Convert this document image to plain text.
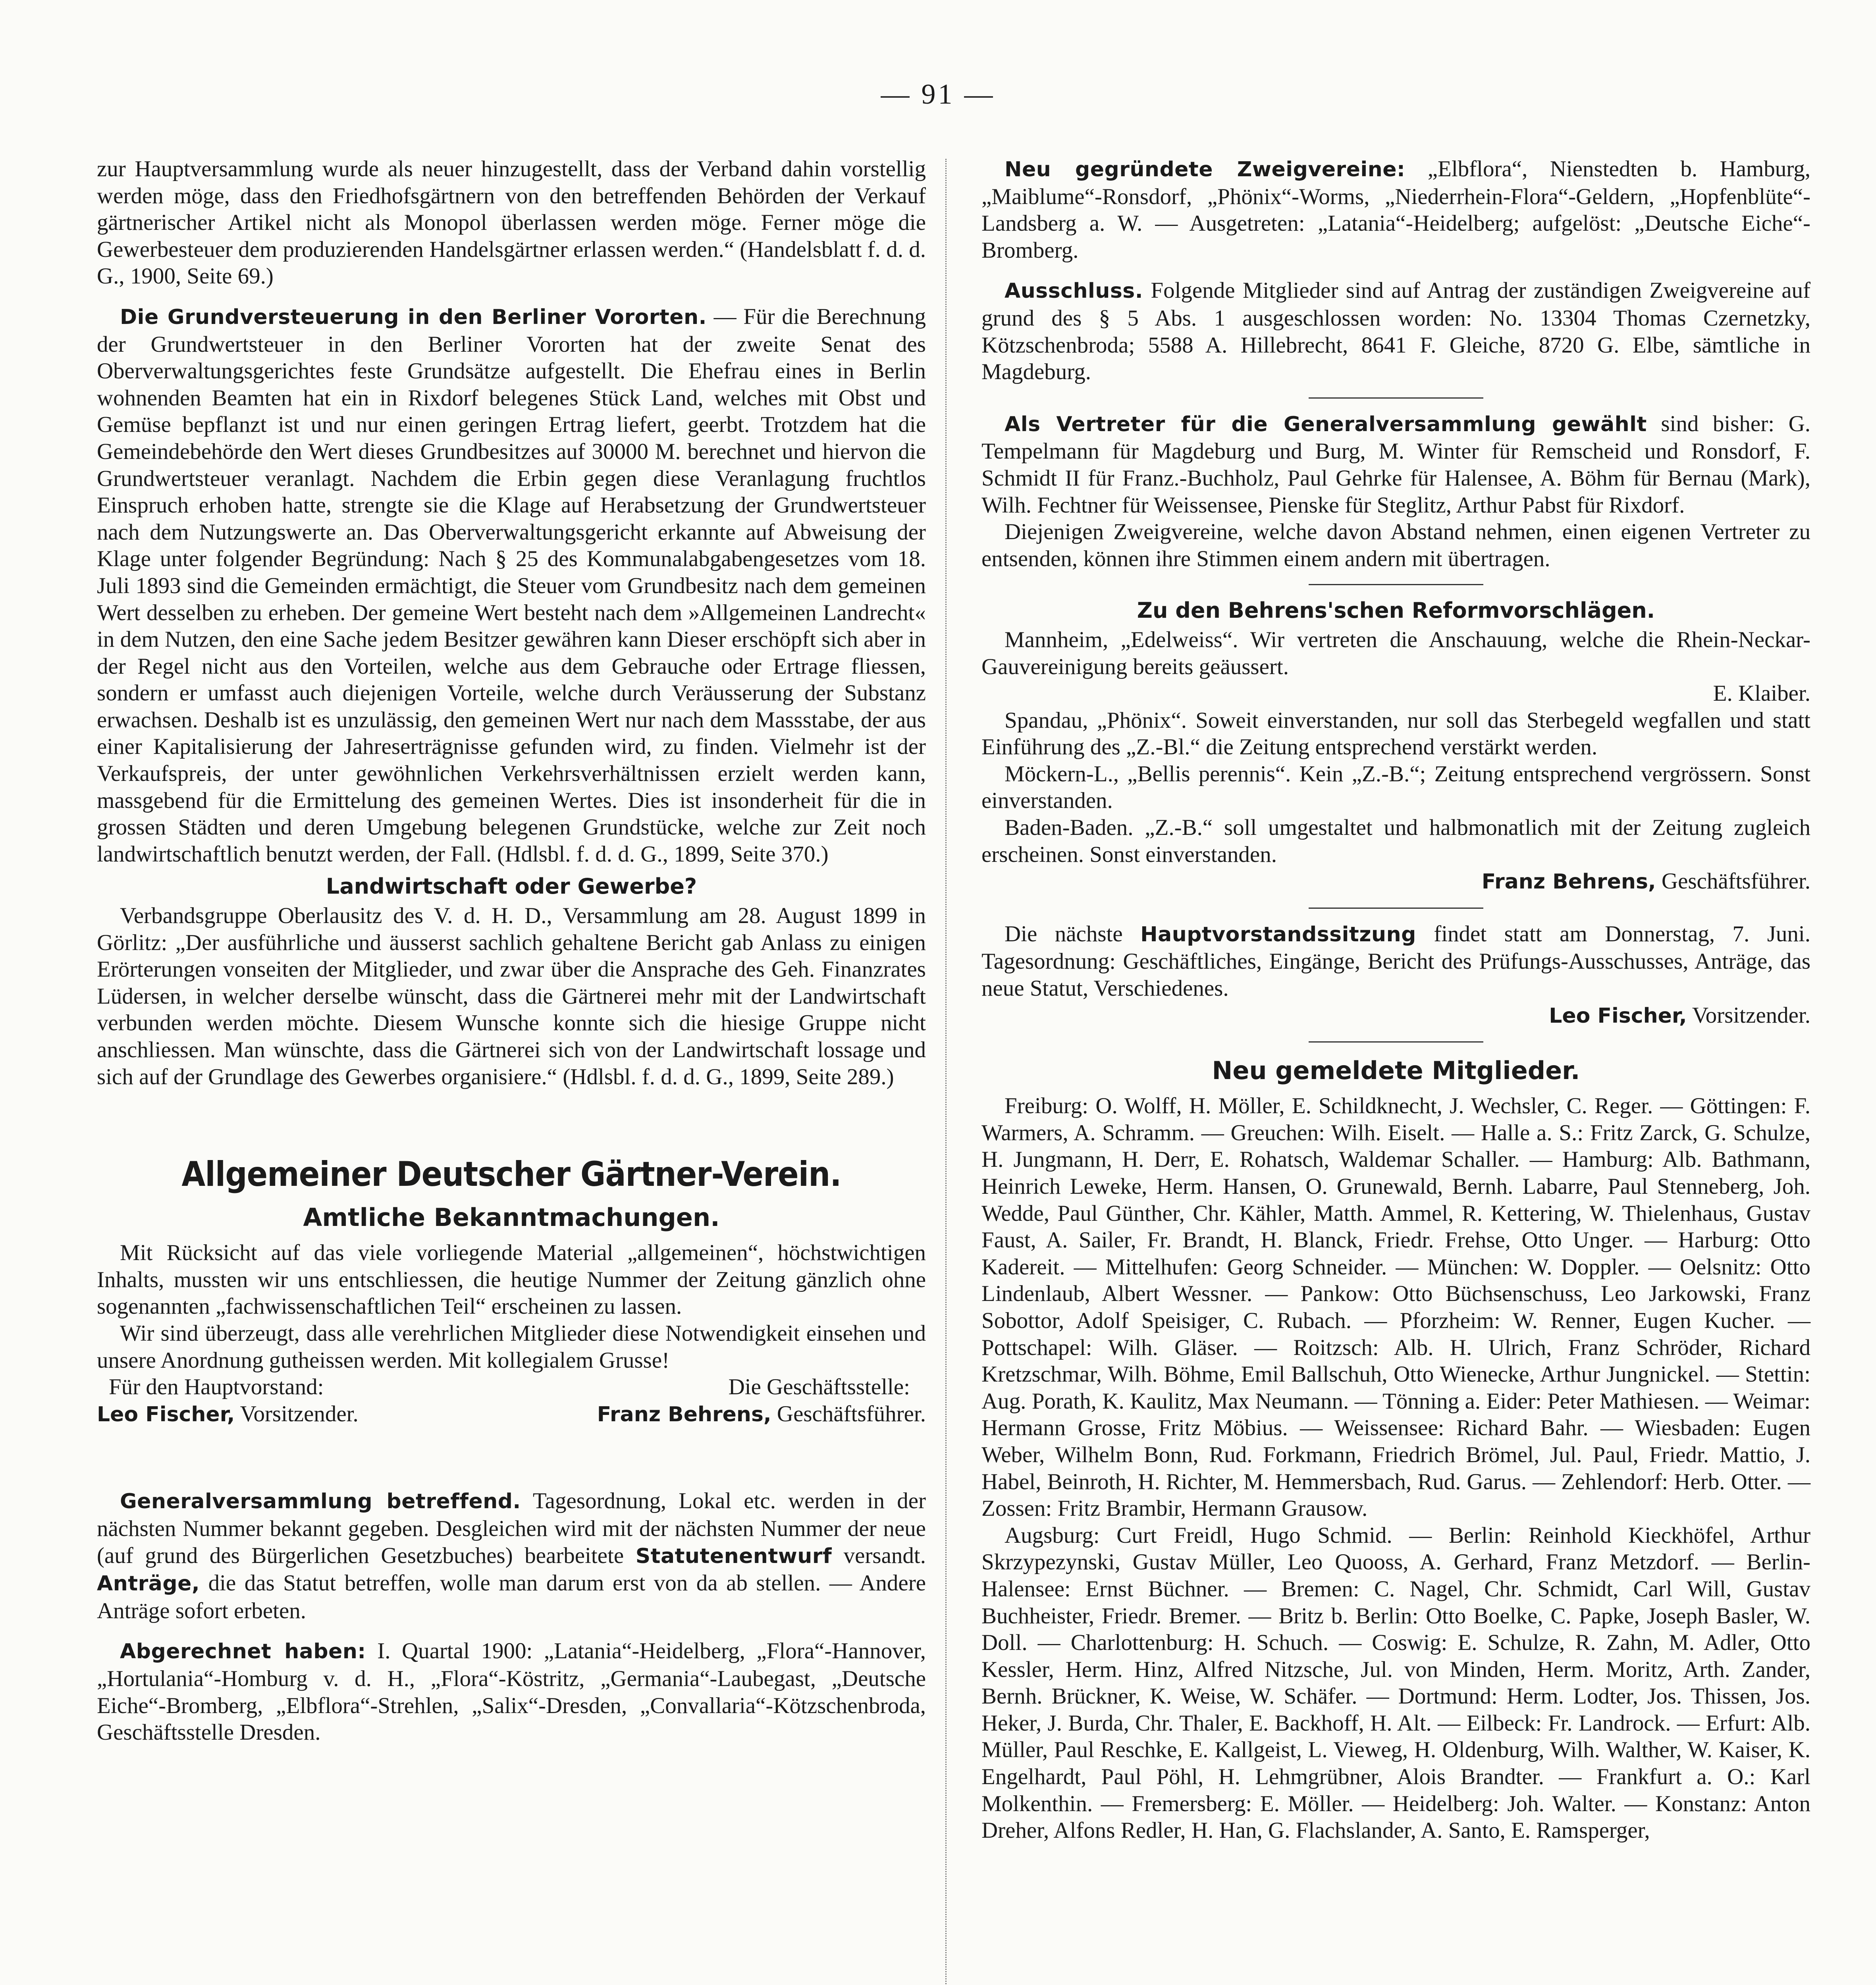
— 91 —

zur Hauptversammlung wurde als neuer hinzugestellt, dass der Verband dahin vorstellig werden möge, dass den Friedhofsgärtnern von den betreffenden Behörden der Verkauf gärtnerischer Artikel nicht als Monopol überlassen werden möge. Ferner möge die Gewerbesteuer dem produzierenden Handelsgärtner erlassen werden.“ (Handelsblatt f. d. d. G., 1900, Seite 69.)

Die Grundversteuerung in den Berliner Vororten. — Für die Berechnung der Grundwertsteuer in den Berliner Vororten hat der zweite Senat des Oberverwaltungsgerichtes feste Grundsätze aufgestellt. Die Ehefrau eines in Berlin wohnenden Beamten hat ein in Rixdorf belegenes Stück Land, welches mit Obst und Gemüse bepflanzt ist und nur einen geringen Ertrag liefert, geerbt. Trotzdem hat die Gemeindebehörde den Wert dieses Grundbesitzes auf 30000 M. berechnet und hiervon die Grundwertsteuer veranlagt. Nachdem die Erbin gegen diese Veranlagung fruchtlos Einspruch erhoben hatte, strengte sie die Klage auf Herabsetzung der Grundwertsteuer nach dem Nutzungswerte an. Das Oberverwaltungsgericht erkannte auf Abweisung der Klage unter folgender Begründung: Nach § 25 des Kommunalabgabengesetzes vom 18. Juli 1893 sind die Gemeinden ermächtigt, die Steuer vom Grundbesitz nach dem gemeinen Wert desselben zu erheben. Der gemeine Wert besteht nach dem »Allgemeinen Landrecht« in dem Nutzen, den eine Sache jedem Besitzer gewähren kann Dieser erschöpft sich aber in der Regel nicht aus den Vorteilen, welche aus dem Gebrauche oder Ertrage fliessen, sondern er umfasst auch diejenigen Vorteile, welche durch Veräusserung der Substanz erwachsen. Deshalb ist es unzulässig, den gemeinen Wert nur nach dem Massstabe, der aus einer Kapitalisierung der Jahreserträgnisse gefunden wird, zu finden. Vielmehr ist der Verkaufspreis, der unter gewöhnlichen Verkehrsverhältnissen erzielt werden kann, massgebend für die Ermittelung des gemeinen Wertes. Dies ist insonderheit für die in grossen Städten und deren Umgebung belegenen Grundstücke, welche zur Zeit noch landwirtschaftlich benutzt werden, der Fall. (Hdlsbl. f. d. d. G., 1899, Seite 370.)

Landwirtschaft oder Gewerbe?

Verbandsgruppe Oberlausitz des V. d. H. D., Versammlung am 28. August 1899 in Görlitz: „Der ausführliche und äusserst sachlich gehaltene Bericht gab Anlass zu einigen Erörterungen vonseiten der Mitglieder, und zwar über die Ansprache des Geh. Finanzrates Lüdersen, in welcher derselbe wünscht, dass die Gärtnerei mehr mit der Landwirtschaft verbunden werden möchte. Diesem Wunsche konnte sich die hiesige Gruppe nicht anschliessen. Man wünschte, dass die Gärtnerei sich von der Landwirtschaft lossage und sich auf der Grundlage des Gewerbes organisiere.“ (Hdlsbl. f. d. d. G., 1899, Seite 289.)

Allgemeiner Deutscher Gärtner-Verein.
Amtliche Bekanntmachungen.

Mit Rücksicht auf das viele vorliegende Material „allgemeinen“, höchstwichtigen Inhalts, mussten wir uns entschliessen, die heutige Nummer der Zeitung gänzlich ohne sogenannten „fachwissenschaftlichen Teil“ erscheinen zu lassen.

Wir sind überzeugt, dass alle verehrlichen Mitglieder diese Notwendigkeit einsehen und unsere Anordnung gutheissen werden. Mit kollegialem Grusse!

Für den Hauptvorstand:	Die Geschäftsstelle:
Leo Fischer, Vorsitzender.	Franz Behrens, Geschäftsführer.

Generalversammlung betreffend. Tagesordnung, Lokal etc. werden in der nächsten Nummer bekannt gegeben. Desgleichen wird mit der nächsten Nummer der neue (auf grund des Bürgerlichen Gesetzbuches) bearbeitete Statutenentwurf versandt. Anträge, die das Statut betreffen, wolle man darum erst von da ab stellen. — Andere Anträge sofort erbeten.

Abgerechnet haben: I. Quartal 1900: „Latania“-Heidelberg, „Flora“-Hannover, „Hortulania“-Homburg v. d. H., „Flora“-Köstritz, „Germania“-Laubegast, „Deutsche Eiche“-Bromberg, „Elbflora“-Strehlen, „Salix“-Dresden, „Convallaria“-Kötzschenbroda, Geschäftsstelle Dresden.

Neu gegründete Zweigvereine: „Elbflora“, Nienstedten b. Hamburg, „Maiblume“-Ronsdorf, „Phönix“-Worms, „Niederrhein-Flora“-Geldern, „Hopfenblüte“-Landsberg a. W. — Ausgetreten: „Latania“-Heidelberg; aufgelöst: „Deutsche Eiche“-Bromberg.

Ausschluss. Folgende Mitglieder sind auf Antrag der zuständigen Zweigvereine auf grund des § 5 Abs. 1 ausgeschlossen worden: No. 13304 Thomas Czernetzky, Kötzschenbroda; 5588 A. Hillebrecht, 8641 F. Gleiche, 8720 G. Elbe, sämtliche in Magdeburg.

Als Vertreter für die Generalversammlung gewählt sind bisher: G. Tempelmann für Magdeburg und Burg, M. Winter für Remscheid und Ronsdorf, F. Schmidt II für Franz.-Buchholz, Paul Gehrke für Halensee, A. Böhm für Bernau (Mark), Wilh. Fechtner für Weissensee, Pienske für Steglitz, Arthur Pabst für Rixdorf.

Diejenigen Zweigvereine, welche davon Abstand nehmen, einen eigenen Vertreter zu entsenden, können ihre Stimmen einem andern mit übertragen.

Zu den Behrens'schen Reformvorschlägen.

Mannheim, „Edelweiss“. Wir vertreten die Anschauung, welche die Rhein-Neckar-Gauvereinigung bereits geäussert.

E. Klaiber.

Spandau, „Phönix“. Soweit einverstanden, nur soll das Sterbegeld wegfallen und statt Einführung des „Z.-Bl.“ die Zeitung entsprechend verstärkt werden.

Möckern-L., „Bellis perennis“. Kein „Z.-B.“; Zeitung entsprechend vergrössern. Sonst einverstanden.

Baden-Baden. „Z.-B.“ soll umgestaltet und halbmonatlich mit der Zeitung zugleich erscheinen. Sonst einverstanden.

Franz Behrens, Geschäftsführer.

Die nächste Hauptvorstandssitzung findet statt am Donnerstag, 7. Juni. Tagesordnung: Geschäftliches, Eingänge, Bericht des Prüfungs-Ausschusses, Anträge, das neue Statut, Verschiedenes.

Leo Fischer, Vorsitzender.

Neu gemeldete Mitglieder.

Freiburg: O. Wolff, H. Möller, E. Schildknecht, J. Wechsler, C. Reger. — Göttingen: F. Warmers, A. Schramm. — Greuchen: Wilh. Eiselt. — Halle a. S.: Fritz Zarck, G. Schulze, H. Jungmann, H. Derr, E. Rohatsch, Waldemar Schaller. — Hamburg: Alb. Bathmann, Heinrich Leweke, Herm. Hansen, O. Grunewald, Bernh. Labarre, Paul Stenneberg, Joh. Wedde, Paul Günther, Chr. Kähler, Matth. Ammel, R. Kettering, W. Thielenhaus, Gustav Faust, A. Sailer, Fr. Brandt, H. Blanck, Friedr. Frehse, Otto Unger. — Harburg: Otto Kadereit. — Mittelhufen: Georg Schneider. — München: W. Doppler. — Oelsnitz: Otto Lindenlaub, Albert Wessner. — Pankow: Otto Büchsenschuss, Leo Jarkowski, Franz Sobottor, Adolf Speisiger, C. Rubach. — Pforzheim: W. Renner, Eugen Kucher. — Pottschapel: Wilh. Gläser. — Roitzsch: Alb. H. Ulrich, Franz Schröder, Richard Kretzschmar, Wilh. Böhme, Emil Ballschuh, Otto Wienecke, Arthur Jungnickel. — Stettin: Aug. Porath, K. Kaulitz, Max Neumann. — Tönning a. Eider: Peter Mathiesen. — Weimar: Hermann Grosse, Fritz Möbius. — Weissensee: Richard Bahr. — Wiesbaden: Eugen Weber, Wilhelm Bonn, Rud. Forkmann, Friedrich Brömel, Jul. Paul, Friedr. Mattio, J. Habel, Beinroth, H. Richter, M. Hemmersbach, Rud. Garus. — Zehlendorf: Herb. Otter. — Zossen: Fritz Brambir, Hermann Grausow.

Augsburg: Curt Freidl, Hugo Schmid. — Berlin: Reinhold Kieckhöfel, Arthur Skrzypezynski, Gustav Müller, Leo Quooss, A. Gerhard, Franz Metzdorf. — Berlin-Halensee: Ernst Büchner. — Bremen: C. Nagel, Chr. Schmidt, Carl Will, Gustav Buchheister, Friedr. Bremer. — Britz b. Berlin: Otto Boelke, C. Papke, Joseph Basler, W. Doll. — Charlottenburg: H. Schuch. — Coswig: E. Schulze, R. Zahn, M. Adler, Otto Kessler, Herm. Hinz, Alfred Nitzsche, Jul. von Minden, Herm. Moritz, Arth. Zander, Bernh. Brückner, K. Weise, W. Schäfer. — Dortmund: Herm. Lodter, Jos. Thissen, Jos. Heker, J. Burda, Chr. Thaler, E. Backhoff, H. Alt. — Eilbeck: Fr. Landrock. — Erfurt: Alb. Müller, Paul Reschke, E. Kallgeist, L. Vieweg, H. Oldenburg, Wilh. Walther, W. Kaiser, K. Engelhardt, Paul Pöhl, H. Lehmgrübner, Alois Brandter. — Frankfurt a. O.: Karl Molkenthin. — Fremersberg: E. Möller. — Heidelberg: Joh. Walter. — Konstanz: Anton Dreher, Alfons Redler, H. Han, G. Flachslander, A. Santo, E. Ramsperger,
